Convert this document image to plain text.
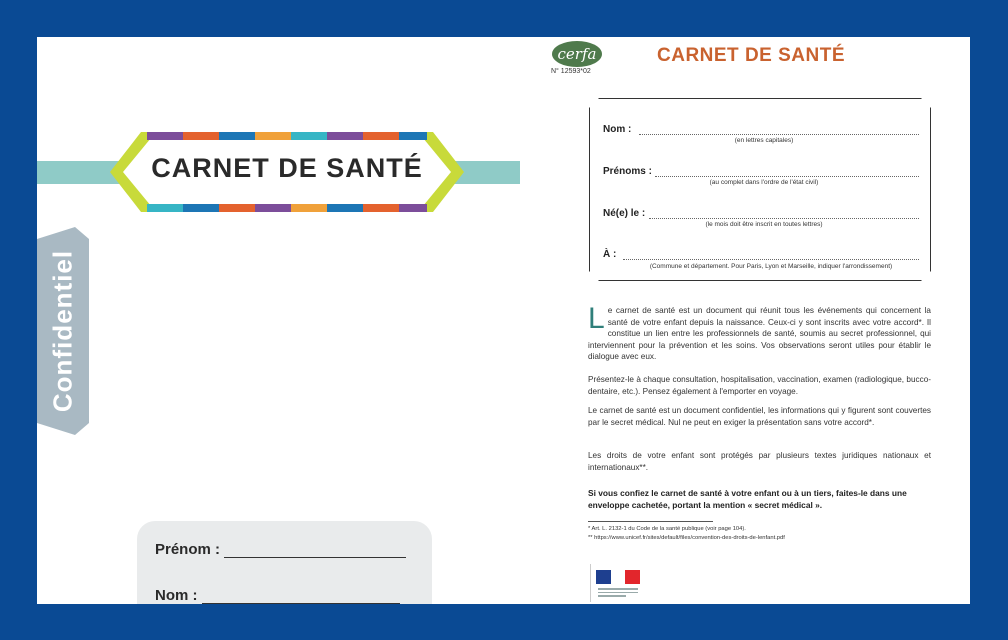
CARNET DE SANTÉ
Confidentiel
Prénom :
Nom :
cerfa
N° 12593*02
CARNET DE SANTÉ
Nom :
(en lettres capitales)
Prénoms :
(au complet dans l'ordre de l'état civil)
Né(e) le :
(le mois doit être inscrit en toutes lettres)
À :
(Commune et département. Pour Paris, Lyon et Marseille, indiquer l'arrondissement)

Le carnet de santé est un document qui réunit tous les événements qui concernent la santé de votre enfant depuis la naissance. Ceux-ci y sont inscrits avec votre accord*. Il constitue un lien entre les professionnels de santé, soumis au secret professionnel, qui interviennent pour la prévention et les soins. Vos observations seront utiles pour établir le dialogue avec eux.

Présentez-le à chaque consultation, hospitalisation, vaccination, examen (radiologique, bucco-dentaire, etc.). Pensez également à l'emporter en voyage.

Le carnet de santé est un document confidentiel, les informations qui y figurent sont couvertes par le secret médical. Nul ne peut en exiger la présentation sans votre accord*.

Les droits de votre enfant sont protégés par plusieurs textes juridiques nationaux et internationaux**.

Si vous confiez le carnet de santé à votre enfant ou à un tiers, faites-le dans une enveloppe cachetée, portant la mention « secret médical ».

* Art. L. 2132-1 du Code de la santé publique (voir page 104).
** https://www.unicef.fr/sites/default/files/convention-des-droits-de-lenfant.pdf
